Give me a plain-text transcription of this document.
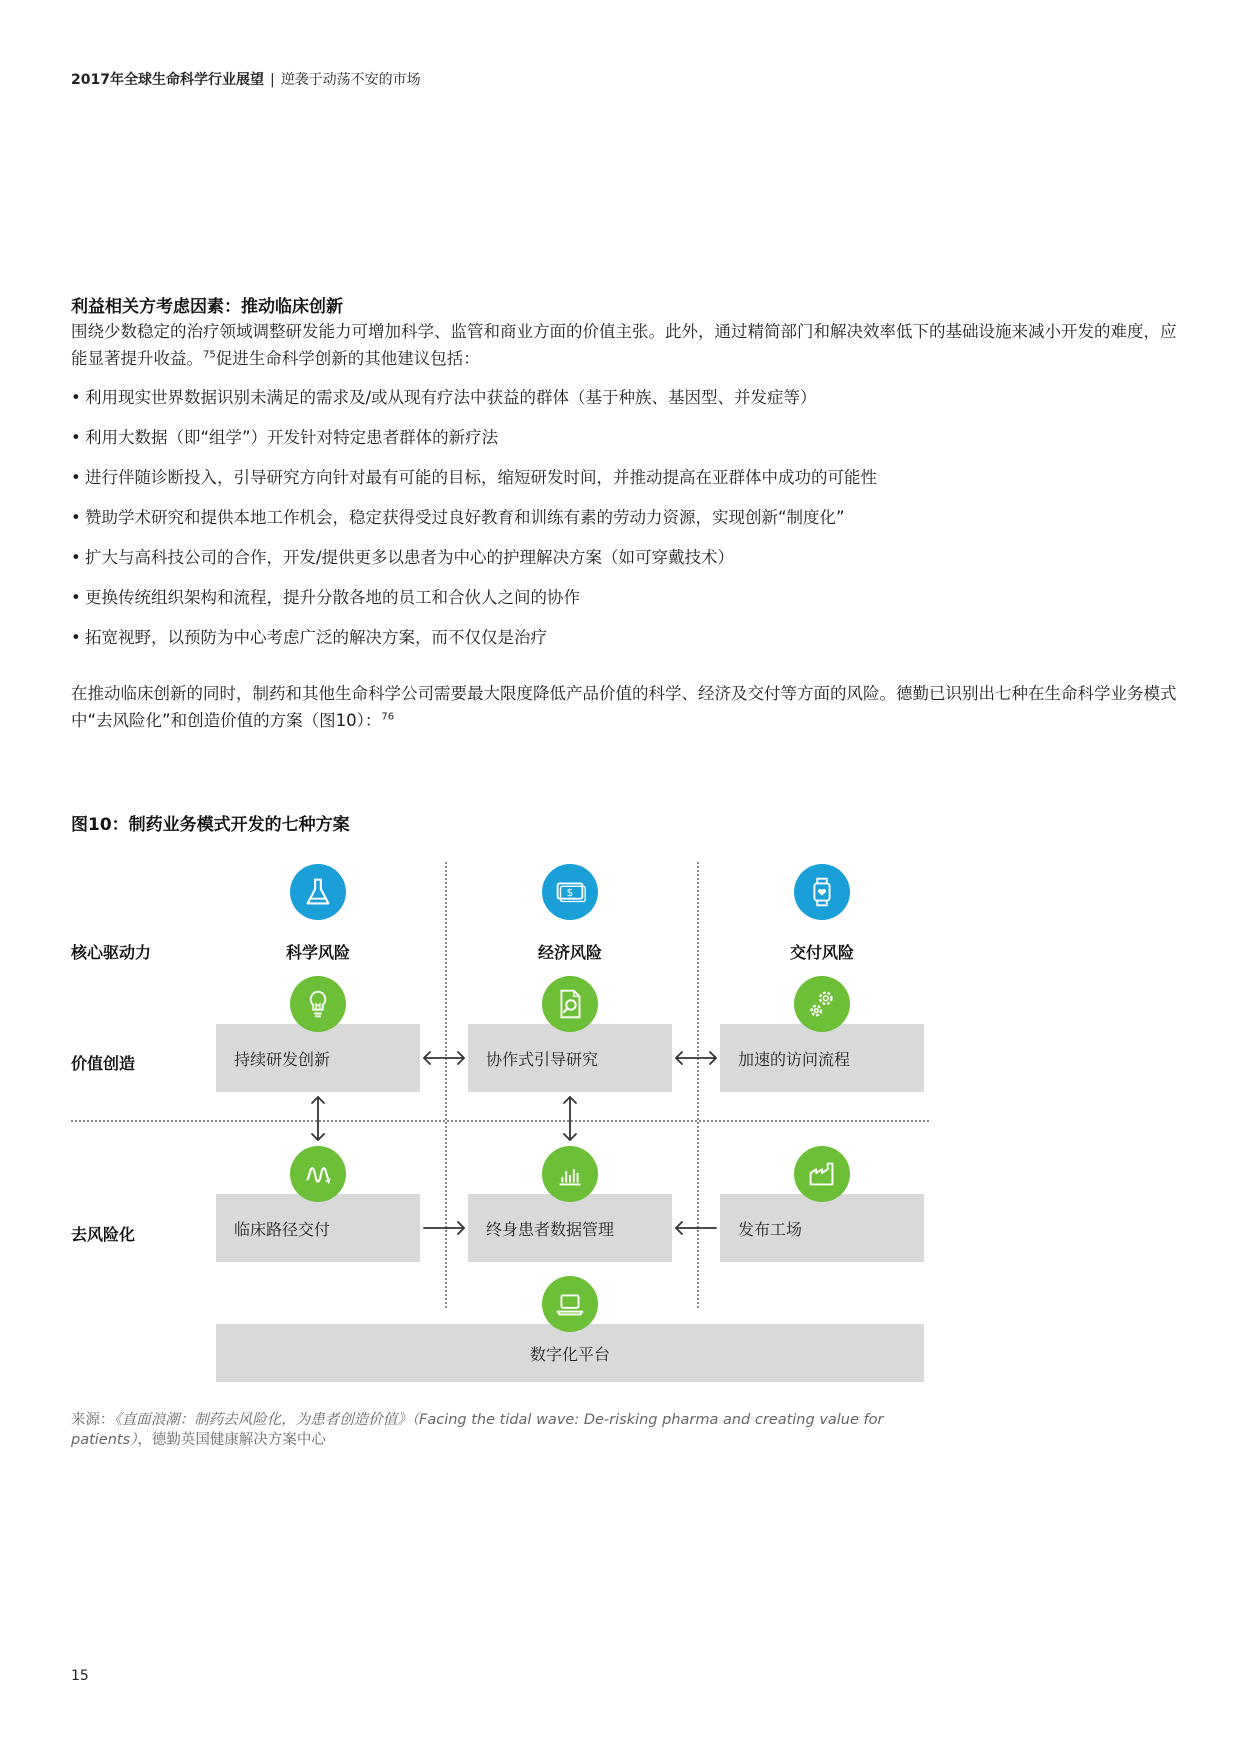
2017年全球生命科学行业展望 | 逆袭于动荡不安的市场
利益相关方考虑因素：推动临床创新
围绕少数稳定的治疗领域调整研发能力可增加科学、监管和商业方面的价值主张。此外，通过精简部门和解决效率低下的基础设施来减小开发的难度，应能显著提升收益。$^{75}$促进生命科学创新的其他建议包括：
• 利用现实世界数据识别未满足的需求及/或从现有疗法中获益的群体（基于种族、基因型、并发症等）
• 利用大数据（即“组学”）开发针对特定患者群体的新疗法
• 进行伴随诊断投入，引导研究方向针对最有可能的目标，缩短研发时间，并推动提高在亚群体中成功的可能性
• 赞助学术研究和提供本地工作机会，稳定获得受过良好教育和训练有素的劳动力资源，实现创新“制度化”
• 扩大与高科技公司的合作，开发/提供更多以患者为中心的护理解决方案（如可穿戴技术）
• 更换传统组织架构和流程，提升分散各地的员工和合伙人之间的协作
• 拓宽视野，以预防为中心考虑广泛的解决方案，而不仅仅是治疗
在推动临床创新的同时，制药和其他生命科学公司需要最大限度降低产品价值的科学、经济及交付等方面的风险。德勤已识别出七种在生命科学业务模式中“去风险化”和创造价值的方案（图10）：$^{76}$
图10：制药业务模式开发的七种方案
核心驱动力
价值创造
去风险化
$
科学风险	经济风险	交付风险
持续研发创新	协作式引导研究	加速的访问流程
临床路径交付	终身患者数据管理	发布工场
数字化平台
来源：《直面浪潮：制药去风险化，为患者创造价值》（Facing the tidal wave: De-risking pharma and creating value for patients），德勤英国健康解决方案中心
15
